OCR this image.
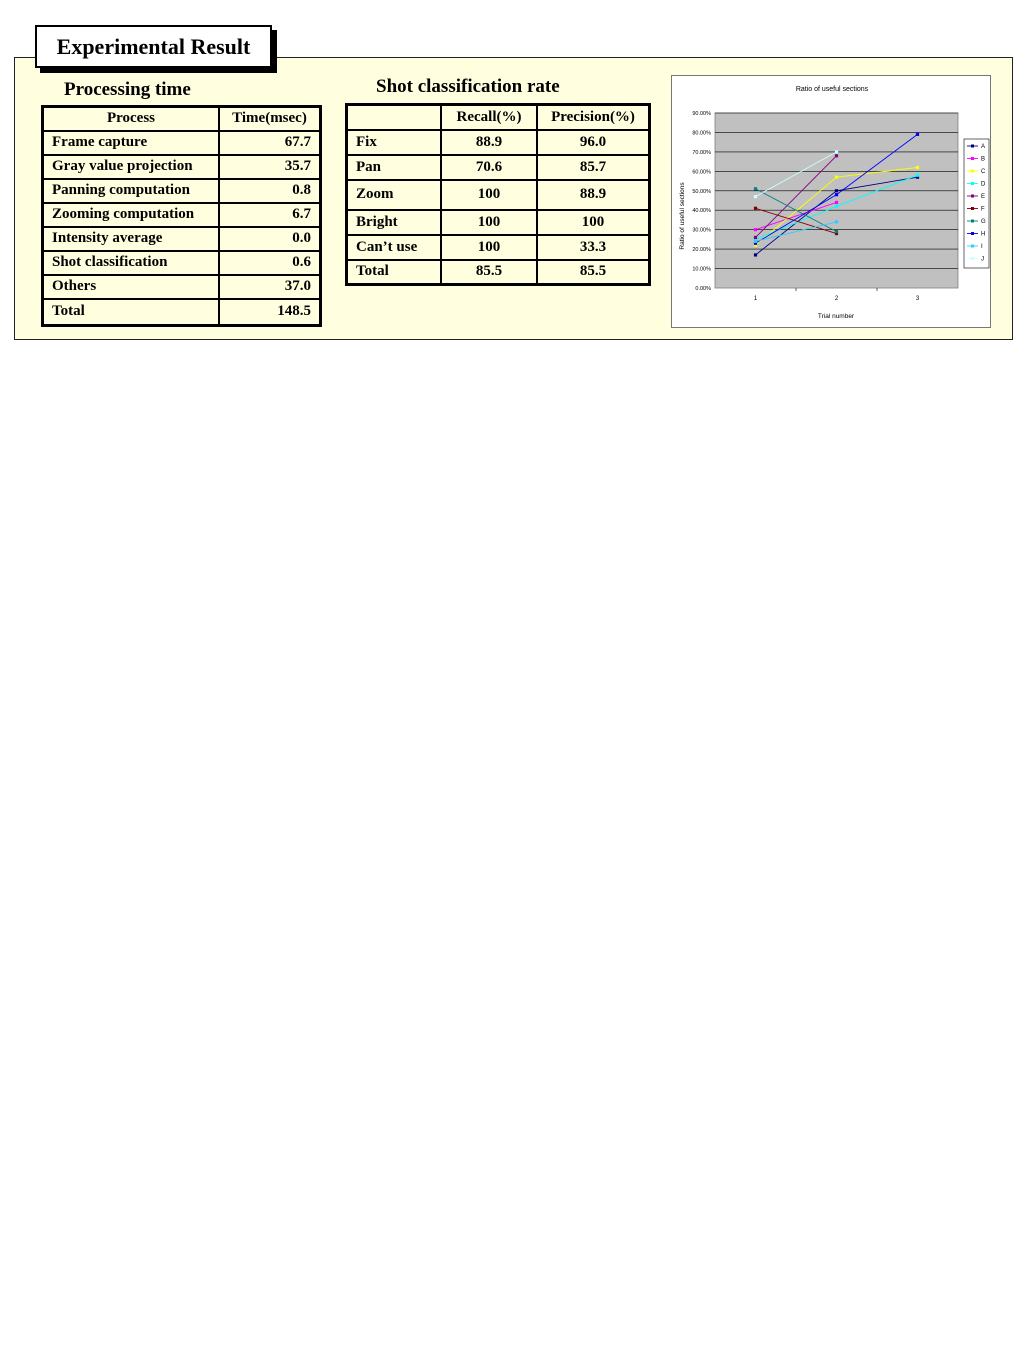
Experimental Result
Processing time
Process	Time(msec)
Frame capture	67.7
Gray value projection	35.7
Panning computation	0.8
Zooming computation	6.7
Intensity average	0.0
Shot classification	0.6
Others	37.0
Total	148.5
Shot classification rate
	Recall(%)	Precision(%)
Fix	88.9	96.0
Pan	70.6	85.7
Zoom	100	88.9
Bright	100	100
Can’t use	100	33.3
Total	85.5	85.5
Ratio of useful sections
Ratio of useful sections
Trial number
0.00%
10.00%
20.00%
30.00%
40.00%
50.00%
60.00%
70.00%
80.00%
90.00%
1	2	3
A
B
C
D
E
F
G
H
I
J
